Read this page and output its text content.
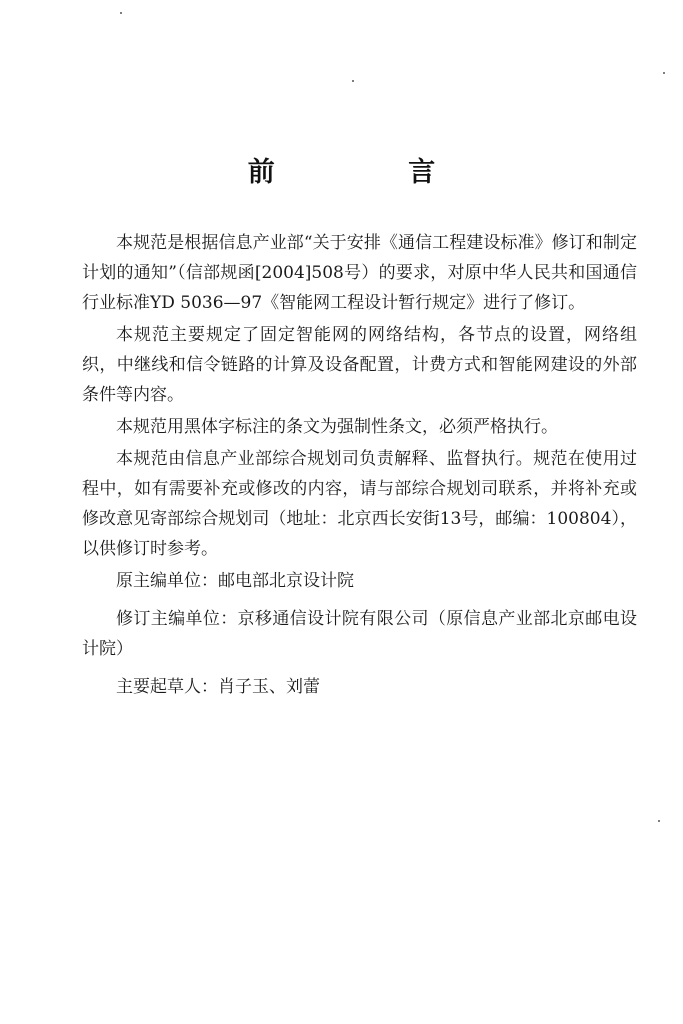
前 言

本规范是根据信息产业部“关于安排《通信工程建设标准》修订和制定计划的通知”（信部规函[2004]508号）的要求，对原中华人民共和国通信行业标准YD 5036—97《智能网工程设计暂行规定》进行了修订。

本规范主要规定了固定智能网的网络结构，各节点的设置，网络组织，中继线和信令链路的计算及设备配置，计费方式和智能网建设的外部条件等内容。

本规范用黑体字标注的条文为强制性条文，必须严格执行。

本规范由信息产业部综合规划司负责解释、监督执行。规范在使用过程中，如有需要补充或修改的内容，请与部综合规划司联系，并将补充或修改意见寄部综合规划司（地址：北京西长安街13号，邮编：100804），以供修订时参考。

原主编单位：邮电部北京设计院

修订主编单位：京移通信设计院有限公司（原信息产业部北京邮电设计院）

主要起草人：肖子玉、刘蕾
